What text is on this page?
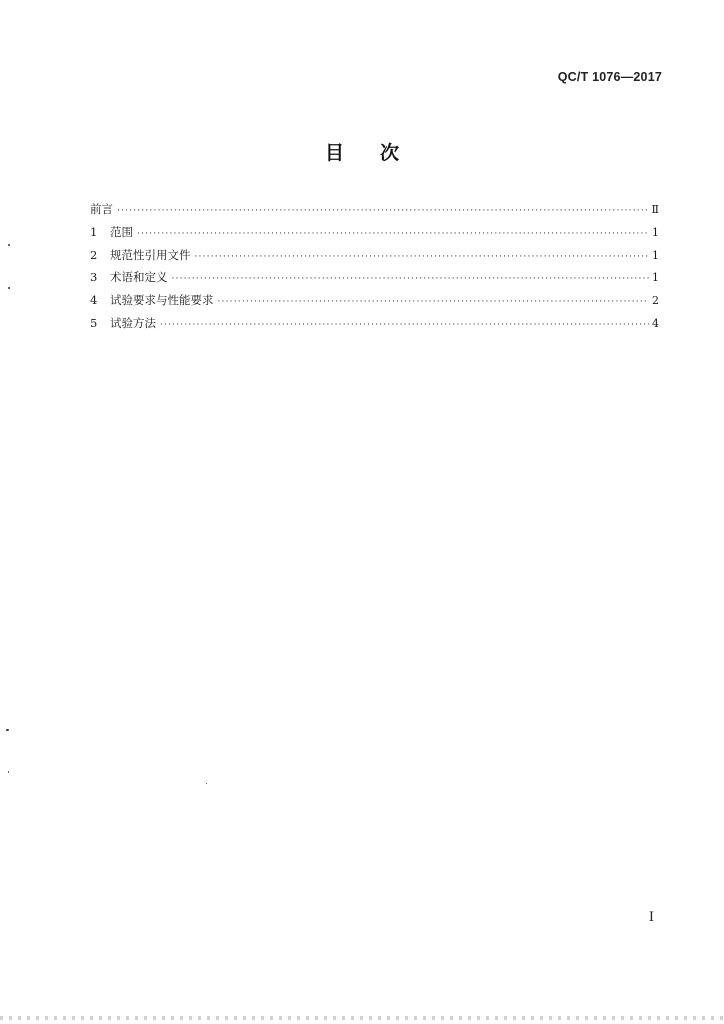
QC/T 1076—2017
目 次
前言 ·····	Ⅱ
1	范围 ·····	1
2	规范性引用文件 ·····	1
3	术语和定义 ·····	1
4	试验要求与性能要求 ·····	2
5	试验方法 ·····	4
Ⅰ
